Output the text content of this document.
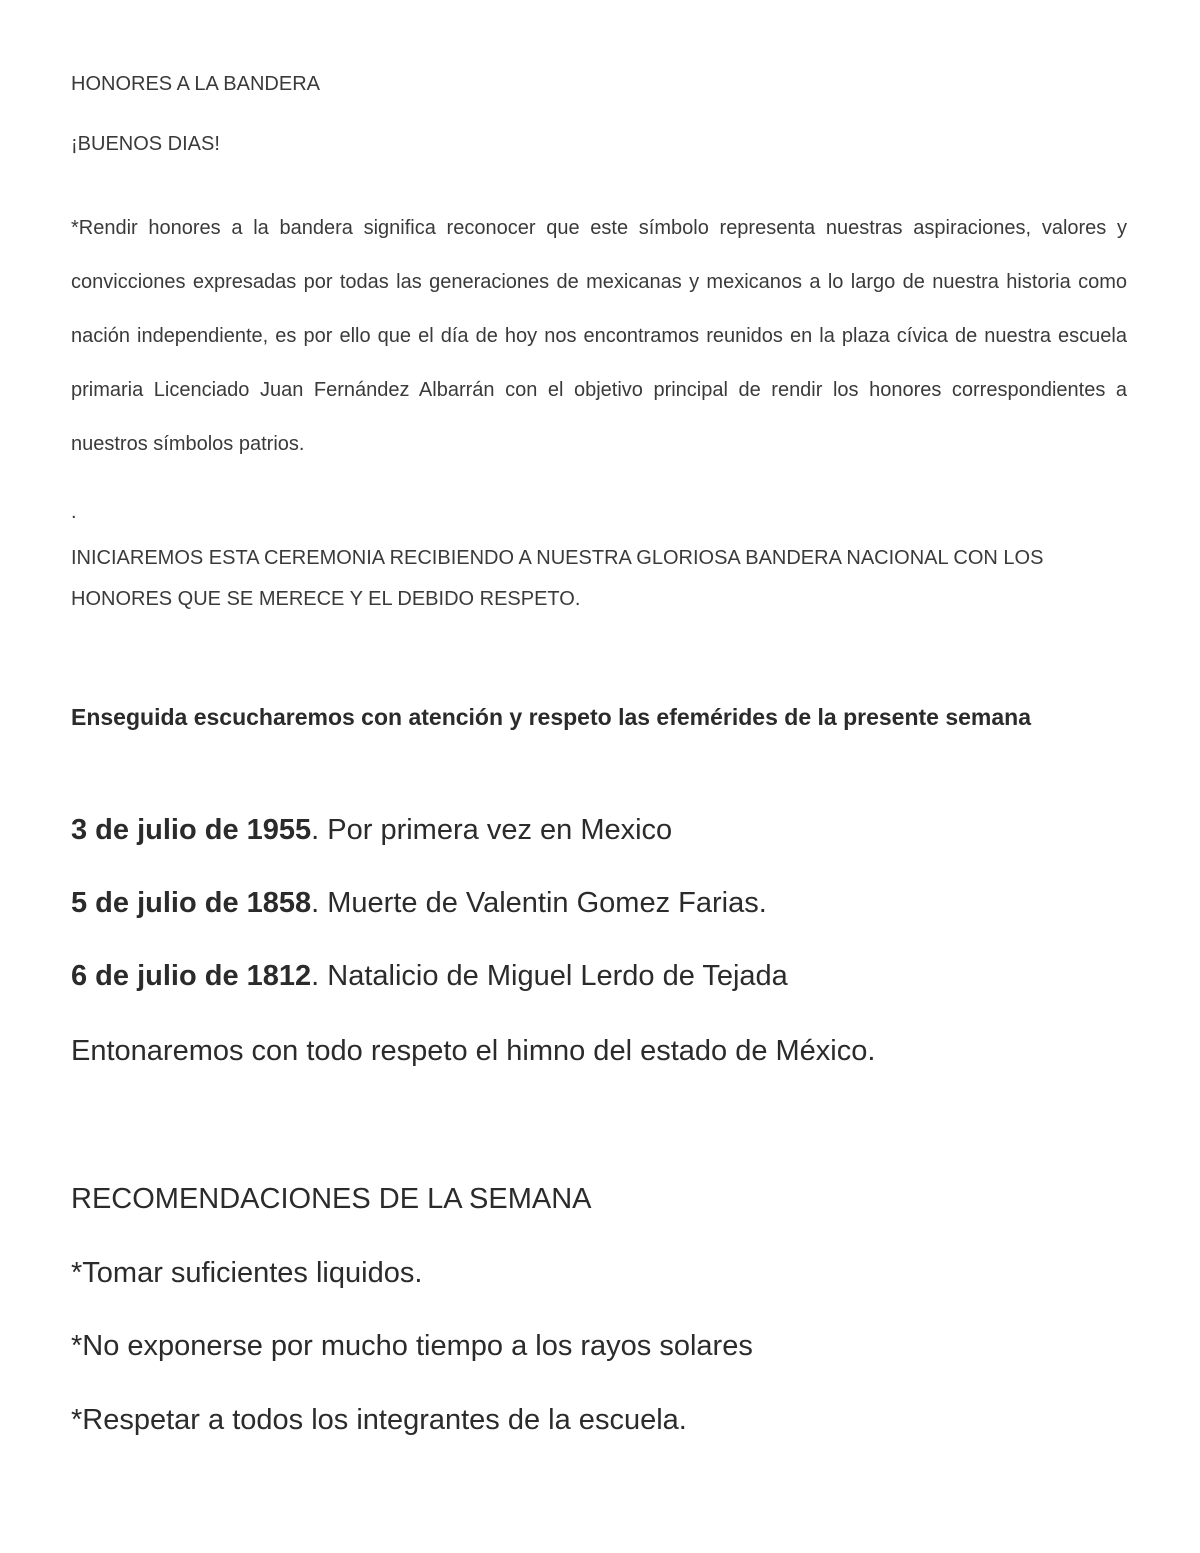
HONORES A LA BANDERA

¡BUENOS DIAS!

*Rendir honores a la bandera significa reconocer que este símbolo representa nuestras aspiraciones, valores y convicciones expresadas por todas las generaciones de mexicanas y mexicanos a lo largo de nuestra historia como nación independiente, es por ello que el día de hoy nos encontramos reunidos en la plaza cívica de nuestra escuela primaria Licenciado Juan Fernández Albarrán con el objetivo principal de rendir los honores correspondientes a nuestros símbolos patrios.

.

INICIAREMOS ESTA CEREMONIA RECIBIENDO A NUESTRA GLORIOSA BANDERA NACIONAL CON LOS HONORES QUE SE MERECE Y EL DEBIDO RESPETO.

Enseguida escucharemos con atención y respeto las efemérides de la presente semana

3 de julio de 1955. Por primera vez en Mexico

5 de julio de 1858. Muerte de Valentin Gomez Farias.

6 de julio de 1812. Natalicio de Miguel Lerdo de Tejada

Entonaremos con todo respeto el himno del estado de México.

RECOMENDACIONES DE LA SEMANA

*Tomar suficientes liquidos.

*No exponerse por mucho tiempo a los rayos solares

*Respetar a todos los integrantes de la escuela.
